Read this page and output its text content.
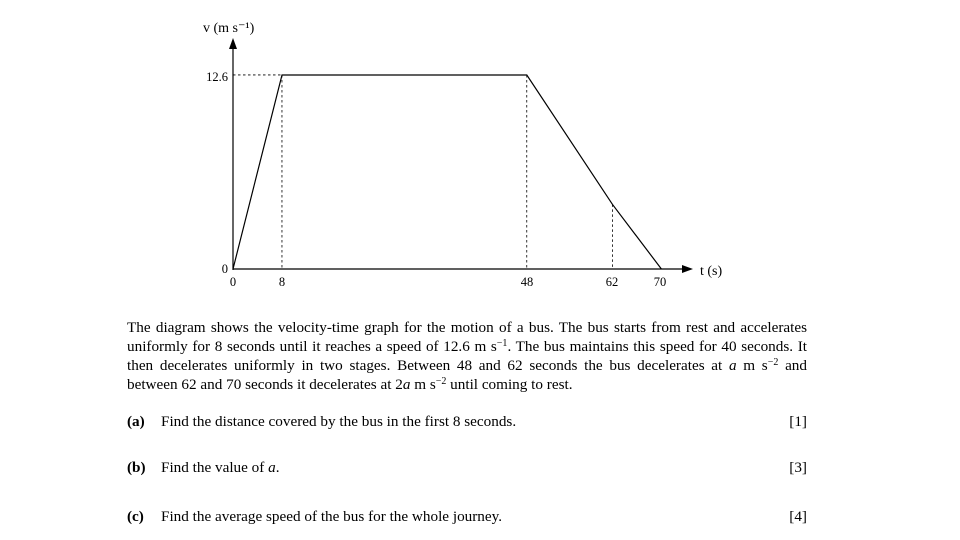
v (m s⁻¹)
t (s)
12.6
0
0	8	48	62	70

The diagram shows the velocity-time graph for the motion of a bus. The bus starts from rest and accelerates uniformly for 8 seconds until it reaches a speed of 12.6 m $s^{-1}$. The bus maintains this speed for 40 seconds. It then decelerates uniformly in two stages. Between 48 and 62 seconds the bus decelerates at a m $s^{-2}$ and between 62 and 70 seconds it decelerates at 2a m $s^{-2}$ until coming to rest.

(a) Find the distance covered by the bus in the first 8 seconds.	[1]
(b) Find the value of a.	[3]
(c) Find the average speed of the bus for the whole journey.	[4]
